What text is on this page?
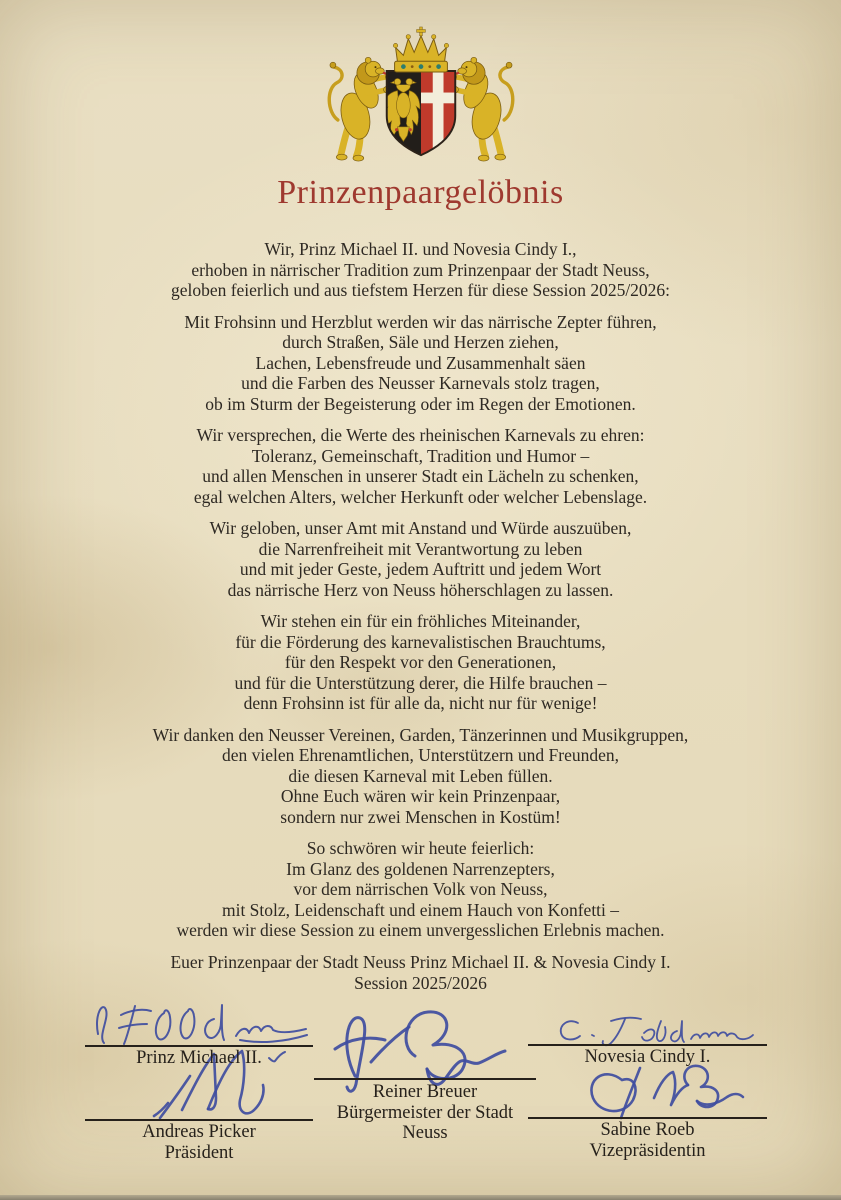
Prinzenpaargelöbnis
Wir, Prinz Michael II. und Novesia Cindy I.,
erhoben in närrischer Tradition zum Prinzenpaar der Stadt Neuss,
geloben feierlich und aus tiefstem Herzen für diese Session 2025/2026:
Mit Frohsinn und Herzblut werden wir das närrische Zepter führen,
durch Straßen, Säle und Herzen ziehen,
Lachen, Lebensfreude und Zusammenhalt säen
und die Farben des Neusser Karnevals stolz tragen,
ob im Sturm der Begeisterung oder im Regen der Emotionen.
Wir versprechen, die Werte des rheinischen Karnevals zu ehren:
Toleranz, Gemeinschaft, Tradition und Humor –
und allen Menschen in unserer Stadt ein Lächeln zu schenken,
egal welchen Alters, welcher Herkunft oder welcher Lebenslage.
Wir geloben, unser Amt mit Anstand und Würde auszuüben,
die Narrenfreiheit mit Verantwortung zu leben
und mit jeder Geste, jedem Auftritt und jedem Wort
das närrische Herz von Neuss höherschlagen zu lassen.
Wir stehen ein für ein fröhliches Miteinander,
für die Förderung des karnevalistischen Brauchtums,
für den Respekt vor den Generationen,
und für die Unterstützung derer, die Hilfe brauchen –
denn Frohsinn ist für alle da, nicht nur für wenige!
Wir danken den Neusser Vereinen, Garden, Tänzerinnen und Musikgruppen,
den vielen Ehrenamtlichen, Unterstützern und Freunden,
die diesen Karneval mit Leben füllen.
Ohne Euch wären wir kein Prinzenpaar,
sondern nur zwei Menschen in Kostüm!
So schwören wir heute feierlich:
Im Glanz des goldenen Narrenzepters,
vor dem närrischen Volk von Neuss,
mit Stolz, Leidenschaft und einem Hauch von Konfetti –
werden wir diese Session zu einem unvergesslichen Erlebnis machen.
Euer Prinzenpaar der Stadt Neuss Prinz Michael II. & Novesia Cindy I.
Session 2025/2026
Prinz Michael II.
Reiner Breuer
Bürgermeister der Stadt Neuss
Novesia Cindy I.
Andreas Picker
Präsident
Sabine Roeb
Vizepräsidentin
